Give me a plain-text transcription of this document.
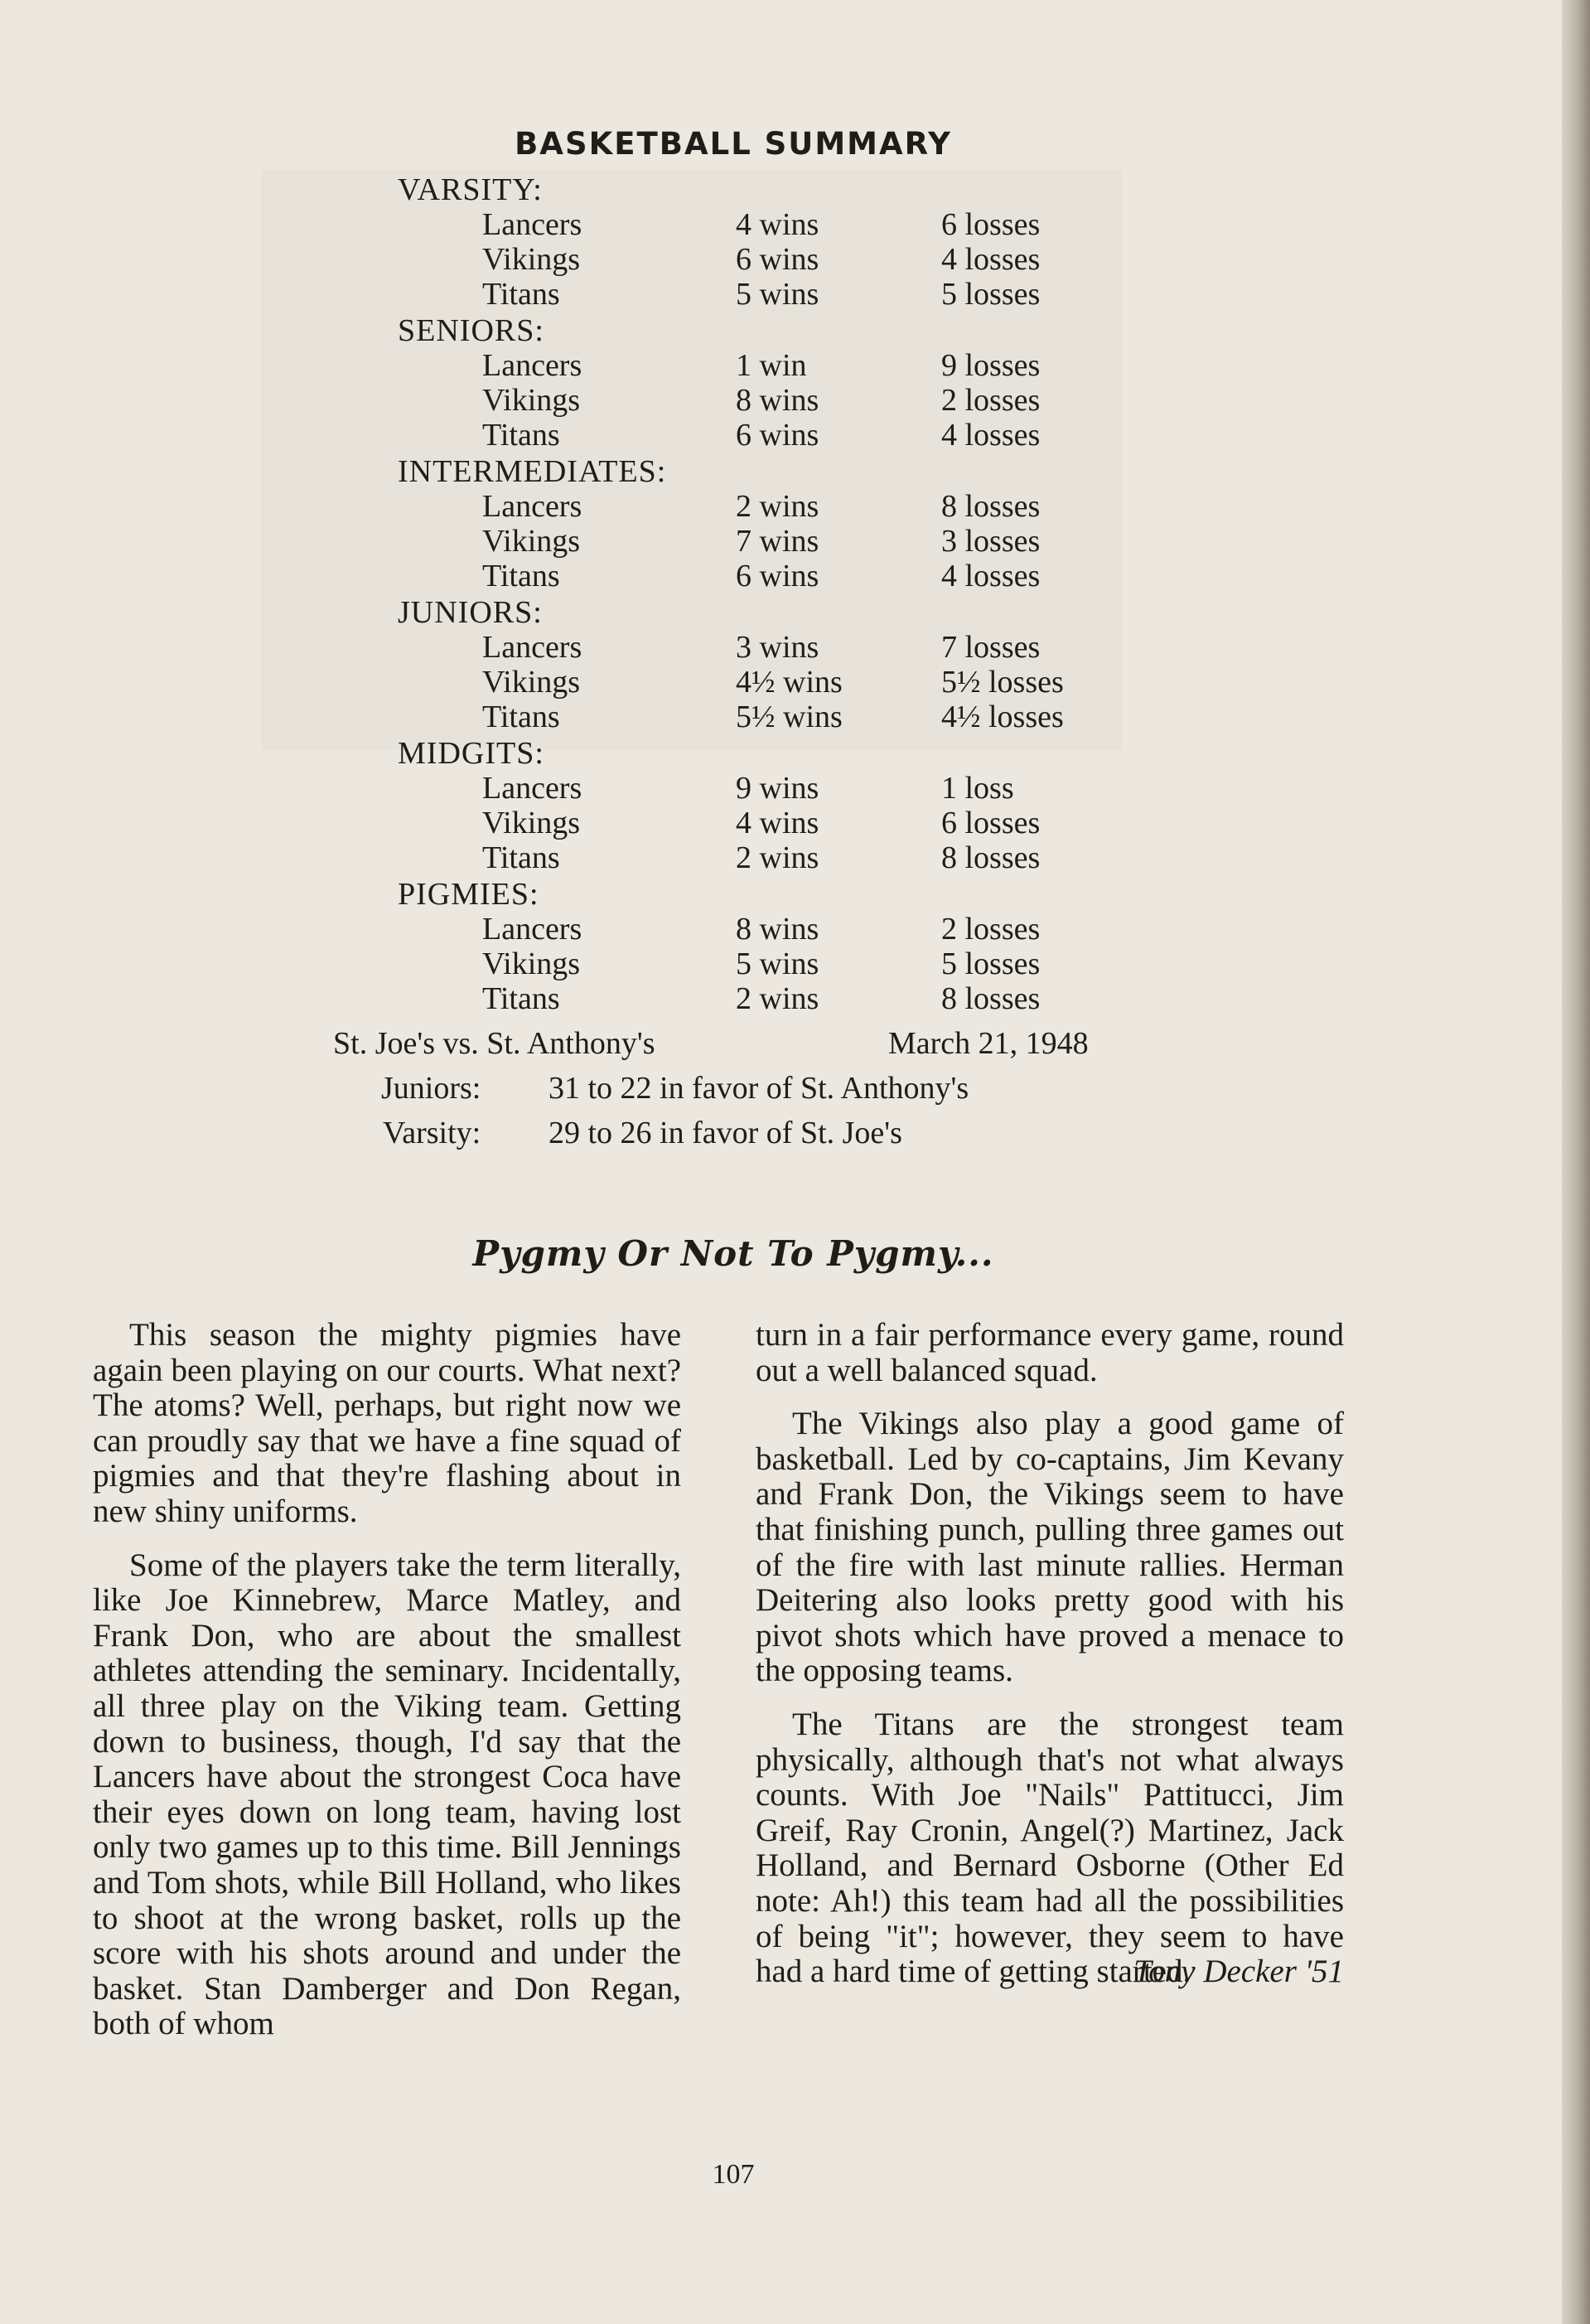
BASKETBALL SUMMARY
VARSITY:
Lancers	4 wins	6 losses
Vikings	6 wins	4 losses
Titans	5 wins	5 losses
SENIORS:
Lancers	1 win	9 losses
Vikings	8 wins	2 losses
Titans	6 wins	4 losses
INTERMEDIATES:
Lancers	2 wins	8 losses
Vikings	7 wins	3 losses
Titans	6 wins	4 losses
JUNIORS:
Lancers	3 wins	7 losses
Vikings	4½ wins	5½ losses
Titans	5½ wins	4½ losses
MIDGITS:
Lancers	9 wins	1 loss
Vikings	4 wins	6 losses
Titans	2 wins	8 losses
PIGMIES:
Lancers	8 wins	2 losses
Vikings	5 wins	5 losses
Titans	2 wins	8 losses
St. Joe's vs. St. Anthony's	March 21, 1948
Juniors: 31 to 22 in favor of St. Anthony's
Varsity: 29 to 26 in favor of St. Joe's
Pygmy Or Not To Pygmy...

This season the mighty pigmies have again been playing on our courts. What next? The atoms? Well, perhaps, but right now we can proudly say that we have a fine squad of pigmies and that they're flashing about in new shiny uniforms.

Some of the players take the term literally, like Joe Kinnebrew, Marce Matley, and Frank Don, who are about the smallest athletes attending the seminary. Incidentally, all three play on the Viking team. Getting down to business, though, I'd say that the Lancers have about the strongest Coca have their eyes down on long team, having lost only two games up to this time. Bill Jennings and Tom shots, while Bill Holland, who likes to shoot at the wrong basket, rolls up the score with his shots around and under the basket. Stan Damberger and Don Regan, both of whom

turn in a fair performance every game, round out a well balanced squad.

The Vikings also play a good game of basketball. Led by co-captains, Jim Kevany and Frank Don, the Vikings seem to have that finishing punch, pulling three games out of the fire with last minute rallies. Herman Deitering also looks pretty good with his pivot shots which have proved a menace to the opposing teams.

The Titans are the strongest team physically, although that's not what always counts. With Joe "Nails" Pattitucci, Jim Greif, Ray Cronin, Angel(?) Martinez, Jack Holland, and Bernard Osborne (Other Ed note: Ah!) this team had all the possibilities of being "it"; however, they seem to have had a hard time of getting started.

Tony Decker '51
107
